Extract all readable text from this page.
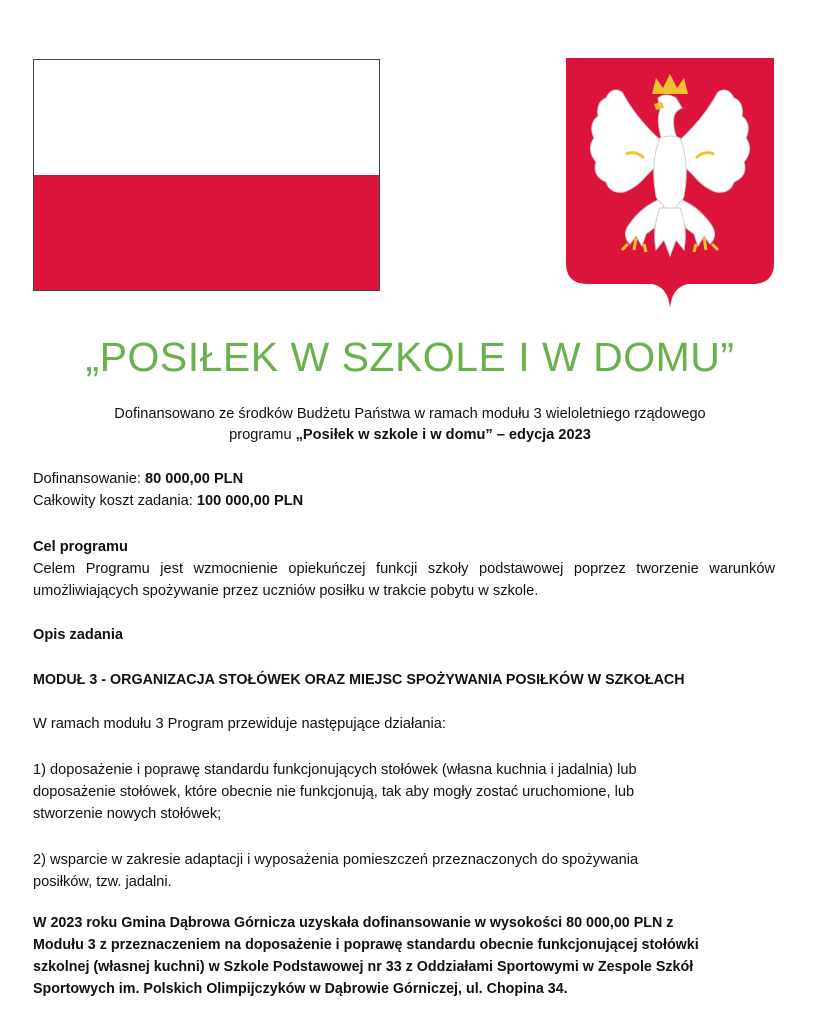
„POSIŁEK W SZKOLE I W DOMU”
Dofinansowano ze środków Budżetu Państwa w ramach modułu 3 wieloletniego rządowego
programu „Posiłek w szkole i w domu” – edycja 2023
Dofinansowanie: 80 000,00 PLN
Całkowity koszt zadania: 100 000,00 PLN
Cel programu
Celem Programu jest wzmocnienie opiekuńczej funkcji szkoły podstawowej poprzez tworzenie warunków umożliwiających spożywanie przez uczniów posiłku w trakcie pobytu w szkole.
Opis zadania
MODUŁ 3 - ORGANIZACJA STOŁÓWEK ORAZ MIEJSC SPOŻYWANIA POSIŁKÓW W SZKOŁACH
W ramach modułu 3 Program przewiduje następujące działania:
1) doposażenie i poprawę standardu funkcjonujących stołówek (własna kuchnia i jadalnia) lub
doposażenie stołówek, które obecnie nie funkcjonują, tak aby mogły zostać uruchomione, lub
stworzenie nowych stołówek;
2) wsparcie w zakresie adaptacji i wyposażenia pomieszczeń przeznaczonych do spożywania
posiłków, tzw. jadalni.
W 2023 roku Gmina Dąbrowa Górnicza uzyskała dofinansowanie w wysokości 80 000,00 PLN z
Modułu 3 z przeznaczeniem na doposażenie i poprawę standardu obecnie funkcjonującej stołówki
szkolnej (własnej kuchni) w Szkole Podstawowej nr 33 z Oddziałami Sportowymi w Zespole Szkół
Sportowych im. Polskich Olimpijczyków w Dąbrowie Górniczej, ul. Chopina 34.
